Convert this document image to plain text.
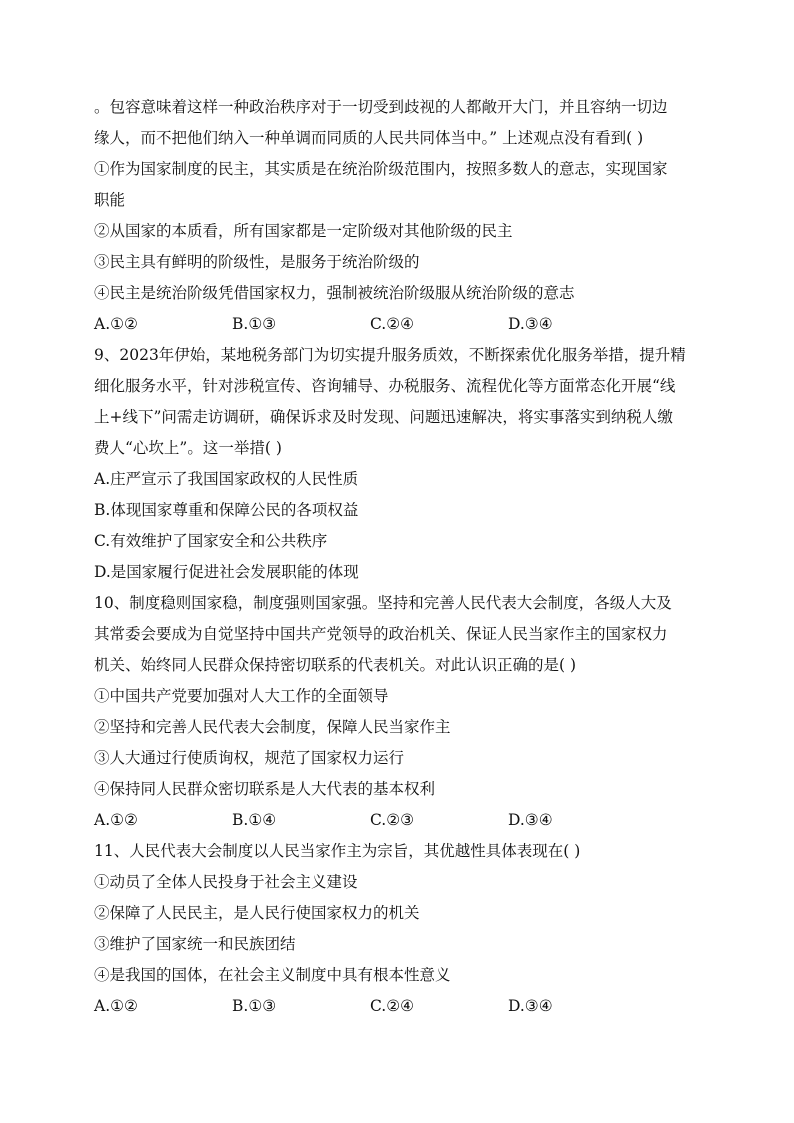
。包容意味着这样一种政治秩序对于一切受到歧视的人都敞开大门，并且容纳一切边
缘人，而不把他们纳入一种单调而同质的人民共同体当中。” 上述观点没有看到( )
①作为国家制度的民主，其实质是在统治阶级范围内，按照多数人的意志，实现国家
职能
②从国家的本质看，所有国家都是一定阶级对其他阶级的民主
③民主具有鲜明的阶级性，是服务于统治阶级的
④民主是统治阶级凭借国家权力，强制被统治阶级服从统治阶级的意志
A.①②	B.①③	C.②④	D.③④
9、2023年伊始，某地税务部门为切实提升服务质效，不断探索优化服务举措，提升精
细化服务水平，针对涉税宣传、咨询辅导、办税服务、流程优化等方面常态化开展“线
上+线下”问需走访调研，确保诉求及时发现、问题迅速解决，将实事落实到纳税人缴
费人“心坎上”。这一举措( )
A.庄严宣示了我国国家政权的人民性质
B.体现国家尊重和保障公民的各项权益
C.有效维护了国家安全和公共秩序
D.是国家履行促进社会发展职能的体现
10、制度稳则国家稳，制度强则国家强。坚持和完善人民代表大会制度，各级人大及
其常委会要成为自觉坚持中国共产党领导的政治机关、保证人民当家作主的国家权力
机关、始终同人民群众保持密切联系的代表机关。对此认识正确的是( )
①中国共产党要加强对人大工作的全面领导
②坚持和完善人民代表大会制度，保障人民当家作主
③人大通过行使质询权，规范了国家权力运行
④保持同人民群众密切联系是人大代表的基本权利
A.①②	B.①④	C.②③	D.③④
11、人民代表大会制度以人民当家作主为宗旨，其优越性具体表现在( )
①动员了全体人民投身于社会主义建设
②保障了人民民主，是人民行使国家权力的机关
③维护了国家统一和民族团结
④是我国的国体，在社会主义制度中具有根本性意义
A.①②	B.①③	C.②④	D.③④
